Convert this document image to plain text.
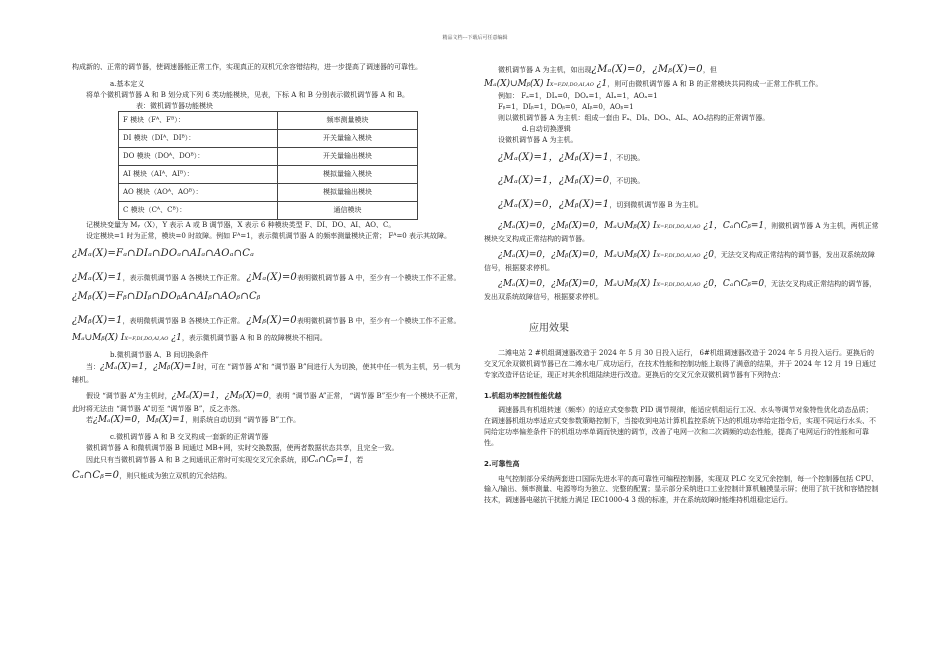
精品文档---下载后可任意编辑

构成新的、正常的调节器，使调速器能正常工作，实现真正的双机冗余容错结构，进一步提高了调速器的可靠性。

a.基本定义

将单个微机调节器 A 和 B 划分成下列 6 类功能模块，见表，下标 A 和 B 分别表示微机调节器 A 和 B。

表：微机调节器功能模块

F 模块（Fᴬ、Fᴮ）：	频率测量模块
DI 模块（DIᴬ、DIᴮ）：	开关量输入模块
DO 模块（DOᴬ、DOᴮ）：	开关量输出模块
AI 模块（AIᴬ、AIᴮ）：	模拟量输入模块
AO 模块（AOᴬ、AOᴮ）：	模拟量输出模块
C 模块（Cᴬ、Cᴮ）：	通信模块

记模块变量为 Mᵧ（X），Y 表示 A 或 B 调节器，X 表示 6 种模块类型 F、DI、DO、AI、AO、C。

设定模块=1 时为正常，模块=0 时故障。例如 Fᴬ=1，表示微机调节器 A 的频率测量模块正常； Fᴬ=0 表示其故障。

¿Mₐ(X)=Fₐ∩DIₐ∩DOₐ∩AIₐ∩AOₐ∩Cₐ

¿Mₐ(X)=1，表示微机调节器 A 各模块工作正常。 ¿Mₐ(X)=0表明微机调节器 A 中，至少有一个模块工作不正常。

¿Mᵦ(X)=Fᵦ∩DIᵦ∩DOᵦA∩AIᵦ∩AOᵦ∩Cᵦ

¿Mᵦ(X)=1，表明微机调节器 B 各模块工作正常。 ¿Mᵦ(X)=0表明微机调节器 B 中，至少有一个模块工作不正常。

Mₐ∪Mᵦ(X) IX=F,DI,DO,AI,AO ¿1，表示微机调节器 A 和 B 的故障模块不相同。

b.微机调节器 A、B 间切换条件

当：¿Mₐ(X)=1，¿Mᵦ(X)=1时，可在 “调节器 A”和 “调节器 B”间进行人为切换，使其中任一机为主机，另一机为辅机。

假设 “调节器 A”为主机时，¿Mₐ(X)=1，¿Mᵦ(X)=0，表明 “调节器 A”正常， “调节器 B”至少有一个模块不正常，此时将无法由 “调节器 A”切至 “调节器 B”，反之亦然。

若¿Mₐ(X)=0，Mᵦ(X)=1，则系统自动切到 “调节器 B”工作。

c.微机调节器 A 和 B 交叉构成一套新的正常调节器

微机调节器 A 和微机调节器 B 间通过 MB+网，实时交换数据，使两者数据状态共享，且完全一致。

因此只有当微机调节器 A 和 B 之间通讯正常时可实现交叉冗余系统，即Cₐ∩Cᵦ=1，若

Cₐ∩Cᵦ=0，则只能成为独立双机的冗余结构。

微机调节器 A 为主机，如出现¿Mₐ(X)=0，¿Mᵦ(X)=0，但

Mₐ(X)∪Mᵦ(X) IX=F,DI,DO,AI,AO ¿1，则可由微机调节器 A 和 B 的正常模块共同构成一正常工作机工作。

例如： Fₐ=1，DIₐ=0，DOₐ=1，AIₐ=1，AOₐ=1

Fᵦ=1，DIᵦ=1，DOᵦ=0，AIᵦ=0，AOᵦ=1

则以微机调节器 A 为主机：组成一套由 Fₐ、DIᵦ、DOₐ、AIₐ、AOₐ结构的正常调节器。

d.自动切换逻辑

设微机调节器 A 为主机。

¿Mₐ(X)=1，¿Mᵦ(X)=1，不切换。

¿Mₐ(X)=1，¿Mᵦ(X)=0，不切换。

¿Mₐ(X)=0，¿Mᵦ(X)=1，切到微机调节器 B 为主机。

¿Mₐ(X)=0，¿Mᵦ(X)=0，Mₐ∪Mᵦ(X) IX=F,DI,DO,AI,AO ¿1，Cₐ∩Cᵦ=1，则微机调节器 A 为主机，两机正常模块交叉构成正常结构的调节器。

¿Mₐ(X)=0，¿Mᵦ(X)=0，Mₐ∪Mᵦ(X) IX=F,DI,DO,AI,AO ¿0，无法交叉构成正常结构的调节器，发出双系统故障信号，根据要求停机。

¿Mₐ(X)=0，¿Mᵦ(X)=0，Mₐ∪Mᵦ(X) IX=F,DI,DO,AI,AO ¿0，Cₐ∩Cᵦ=0，无法交叉构成正常结构的调节器，发出双系统故障信号，根据要求停机。

应用效果

二滩电站 2 #机组调速器改造于 2024 年 5 月 30 日投入运行， 6#机组调速器改造于 2024 年 5 月投入运行。更换后的交叉冗余双微机调节器已在二滩水电厂成功运行，在技术性能和控制功能上取得了满意的结果，并于 2024 年 12 月 19 日通过专家改造评估论证，现正对其余机组陆续进行改造。更换后的交叉冗余双微机调节器有下列特点：

1.机组功率控制性能优越

调速器具有机组转速（频率）的适应式变参数 PID 调节规律，能适应机组运行工况、水头等调节对象特性优化动态品质；在调速器机组功率适应式变参数策略控制下，当接收到电站计算机监控系统下达的机组功率给定指令后，实现不同运行水头、不同给定功率偏差条件下的机组功率单调而快速的调节，改善了电网一次和二次调频的动态性能，提高了电网运行的性能和可靠性。

2.可靠性高

电气控制部分采纳两套进口国际先进水平的高可靠性可编程控制器，实现双 PLC 交叉冗余控制，每一个控制器包括 CPU、输入/输出、频率测量、电源等均为独立、完整的配置；显示部分采纳进口工业控制计算机触摸显示屏；使用了抗干扰和容错控制技术，调速器电磁抗干扰能力满足 IEC1000-4 3 级的标准，并在系统故障时能维持机组稳定运行。
